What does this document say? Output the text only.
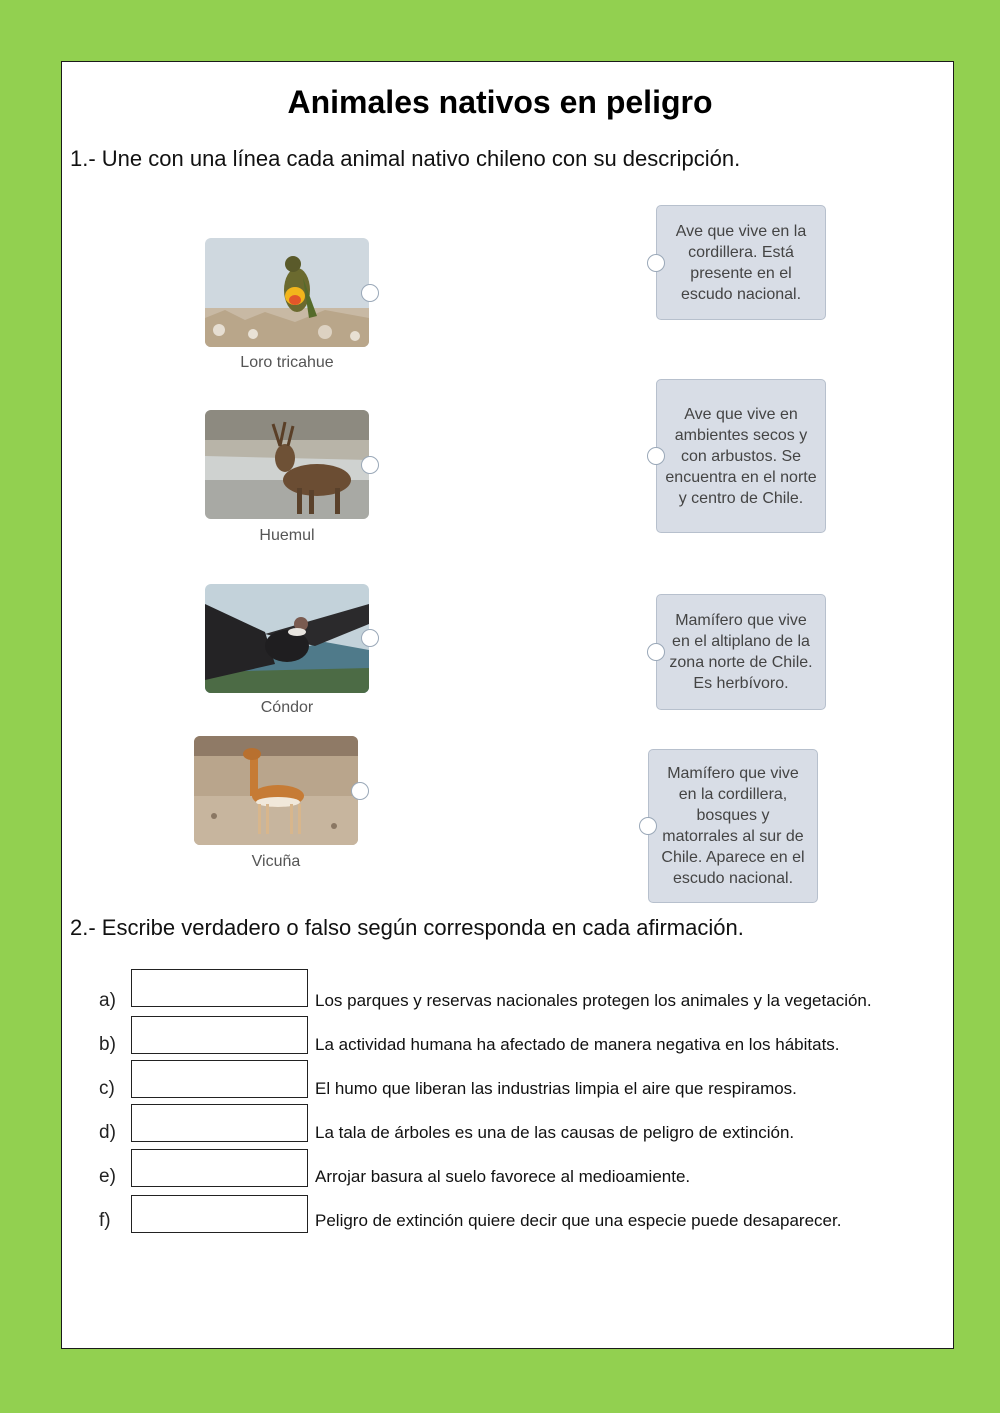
Animales nativos en peligro
1.- Une con una línea cada animal nativo chileno con su descripción.
Loro tricahue
Huemul
Cóndor
Vicuña
Ave que vive en la cordillera. Está presente en el escudo nacional.
Ave que vive en ambientes secos y con arbustos. Se encuentra en el norte y centro de Chile.
Mamífero que vive en el altiplano de la zona norte de Chile. Es herbívoro.
Mamífero que vive en la cordillera, bosques y matorrales al sur de Chile. Aparece en el escudo nacional.
2.- Escribe verdadero o falso según corresponda en cada afirmación.
a)	Los parques y reservas nacionales protegen los animales y la vegetación.
b)	La actividad humana ha afectado de manera negativa en los hábitats.
c)	El humo que liberan las industrias limpia el aire que respiramos.
d)	La tala de árboles es una de las causas de peligro de extinción.
e)	Arrojar basura al suelo favorece al medioamiente.
f)	Peligro de extinción quiere decir que una especie puede desaparecer.
